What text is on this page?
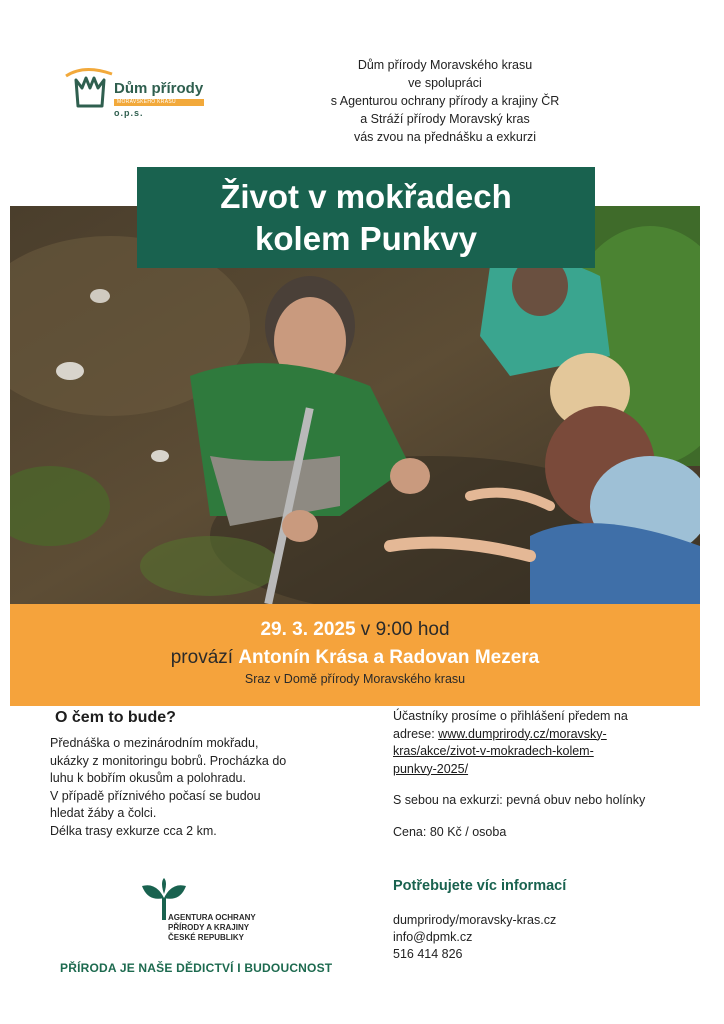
Dům přírody
MORAVSKÉHO KRASU
o.p.s.
Dům přírody Moravského krasu
ve spolupráci
s Agenturou ochrany přírody a krajiny ČR
a Stráží přírody Moravský kras
vás zvou na přednášku a exkurzi
Život v mokřadech
kolem Punkvy
29. 3. 2025 v 9:00 hod
provází Antonín Krása a Radovan Mezera
Sraz v Domě přírody Moravského krasu
O čem to bude?
Přednáška o mezinárodním mokřadu,
ukázky z monitoringu bobrů. Procházka do
luhu k bobřím okusům a polohradu.
V případě příznivého počasí se budou
hledat žáby a čolci.
Délka trasy exkurze cca 2 km.
Účastníky prosíme o přihlášení předem na
adrese: www.dumprirody.cz/moravsky-
kras/akce/zivot-v-mokradech-kolem-
punkvy-2025/
S sebou na exkurzi: pevná obuv nebo holínky
Cena: 80 Kč / osoba
AGENTURA OCHRANY
PŘÍRODY A KRAJINY
ČESKÉ REPUBLIKY
PŘÍRODA JE NAŠE DĚDICTVÍ I BUDOUCNOST
Potřebujete víc informací
dumprirody/moravsky-kras.cz
info@dpmk.cz
516 414 826
